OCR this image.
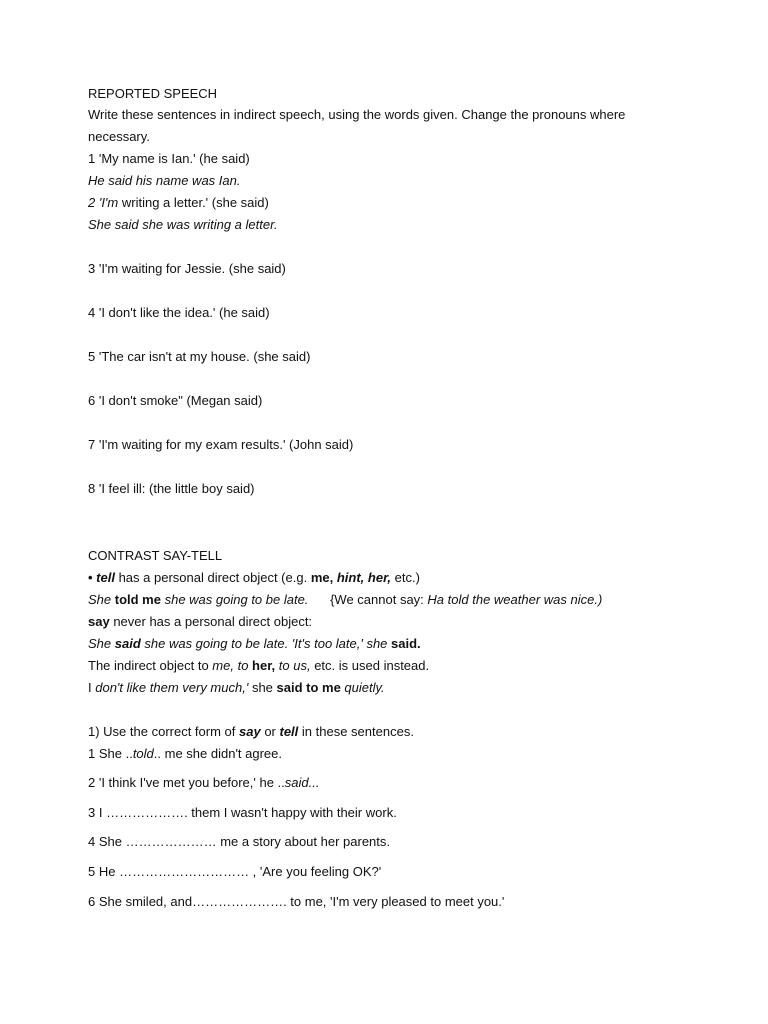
REPORTED SPEECH
Write these sentences in indirect speech, using the words given. Change the pronouns where necessary.
1 'My name is Ian.' (he said)
He said his name was Ian.
2 'I'm writing a letter.' (she said)
She said she was writing a letter.
3 'I'm waiting for Jessie. (she said)
4 'I don't like the idea.' (he said)
5 'The car isn't at my house. (she said)
6 'I don't smoke" (Megan said)
7 'I'm waiting for my exam results.' (John said)
8 'I feel ill: (the little boy said)
CONTRAST SAY-TELL
• tell has a personal direct object (e.g. me, hint, her, etc.)
She told me she was going to be late.      {We cannot say: Ha told the weather was nice.)
say never has a personal direct object:
She said she was going to be late. 'It's too late,' she said.
The indirect object to me, to her, to us, etc. is used instead.
I don't like them very much,' she said to me quietly.
1) Use the correct form of say or tell in these sentences.
1 She ..told.. me she didn't agree.
2 'I think I've met you before,' he ..said...
3 I ………………. them I wasn't happy with their work.
4 She ………………… me a story about her parents.
5 He ………………………… , 'Are you feeling OK?'
6 She smiled, and…………………. to me, 'I'm very pleased to meet you.'
